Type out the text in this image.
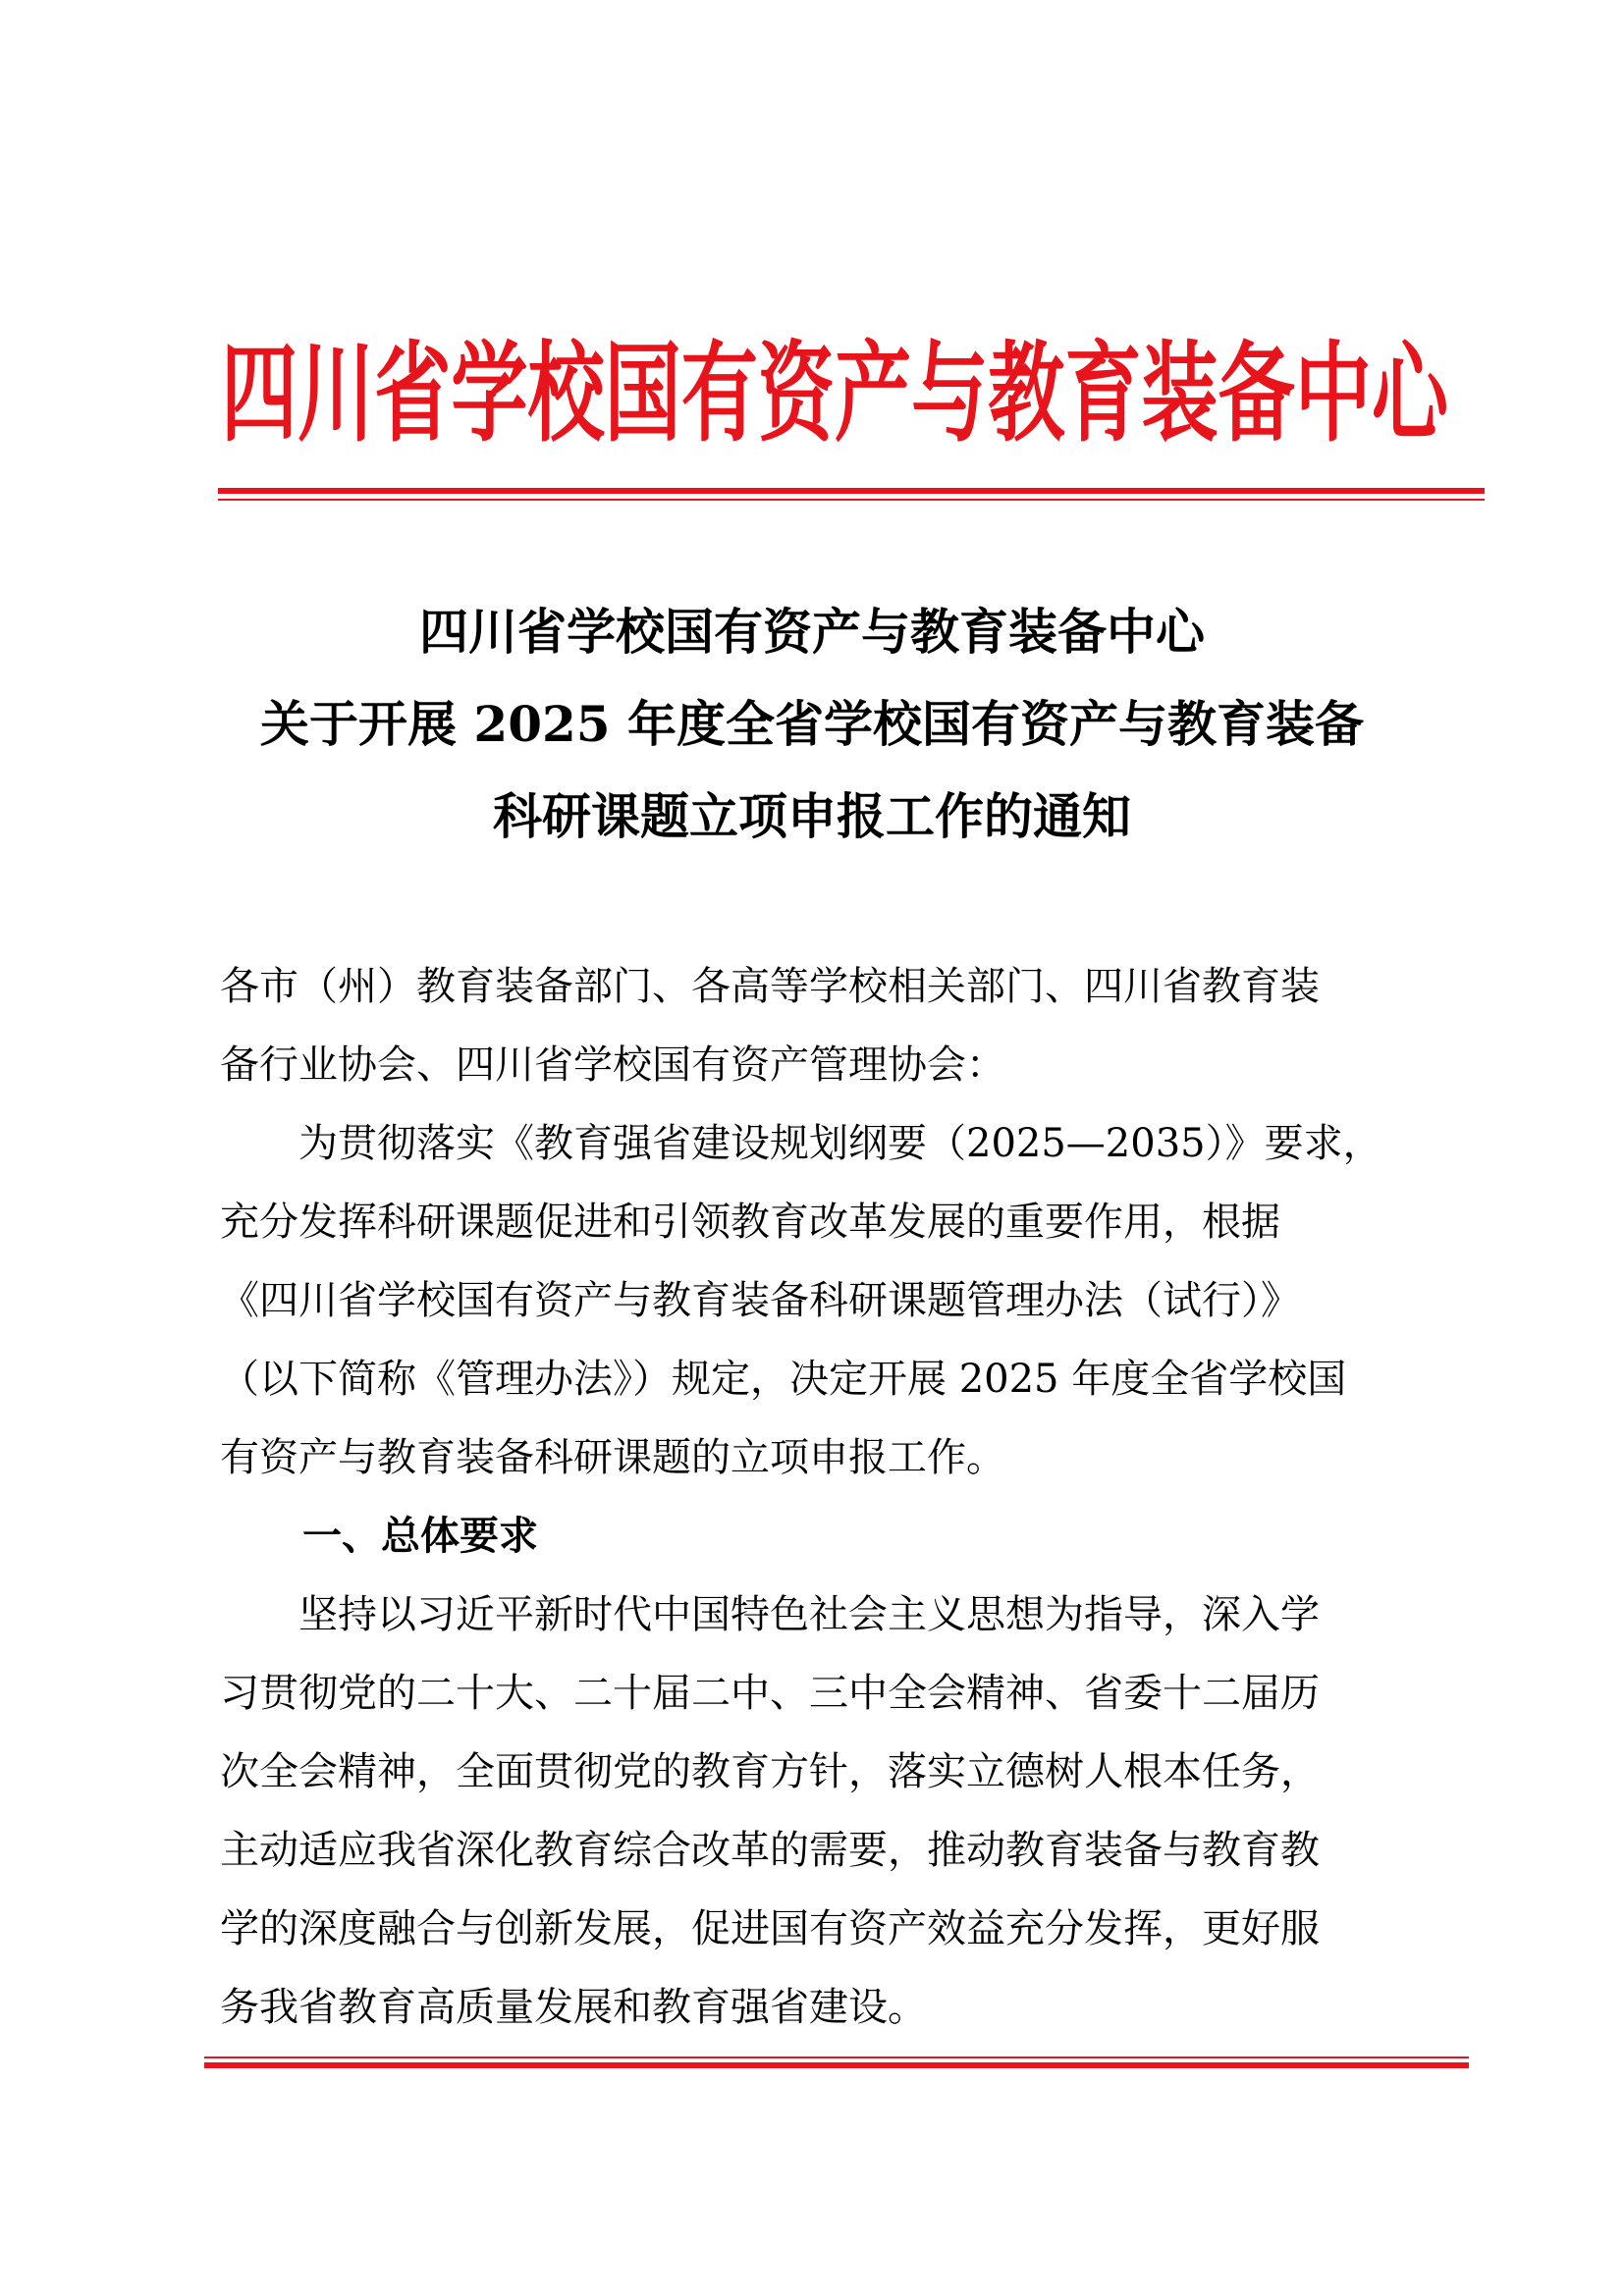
四川省学校国有资产与教育装备中心
四川省学校国有资产与教育装备中心
关于开展 2025 年度全省学校国有资产与教育装备
科研课题立项申报工作的通知

各市（州）教育装备部门、各高等学校相关部门、四川省教育装

备行业协会、四川省学校国有资产管理协会：

　　为贯彻落实《教育强省建设规划纲要（2025—2035）》要求，

充分发挥科研课题促进和引领教育改革发展的重要作用，根据

《四川省学校国有资产与教育装备科研课题管理办法（试行）》

（以下简称《管理办法》）规定，决定开展 2025 年度全省学校国

有资产与教育装备科研课题的立项申报工作。

一、总体要求

　　坚持以习近平新时代中国特色社会主义思想为指导，深入学

习贯彻党的二十大、二十届二中、三中全会精神、省委十二届历

次全会精神，全面贯彻党的教育方针，落实立德树人根本任务，

主动适应我省深化教育综合改革的需要，推动教育装备与教育教

学的深度融合与创新发展，促进国有资产效益充分发挥，更好服

务我省教育高质量发展和教育强省建设。
